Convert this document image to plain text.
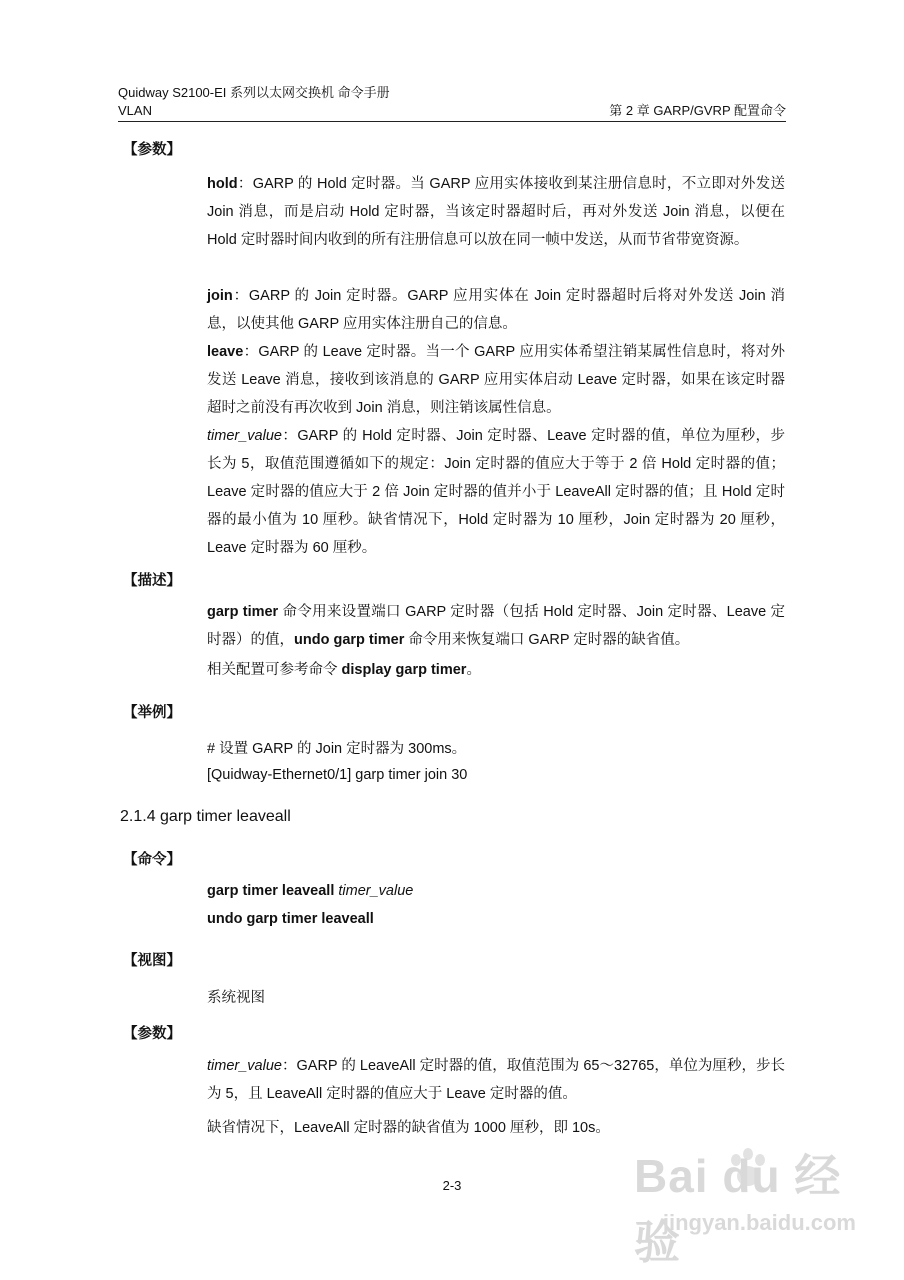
Quidway S2100-EI 系列以太网交换机 命令手册
VLAN	第 2 章 GARP/GVRP 配置命令
【参数】
hold：GARP 的 Hold 定时器。当 GARP 应用实体接收到某注册信息时，不立即对外发送 Join 消息，而是启动 Hold 定时器，当该定时器超时后，再对外发送 Join 消息，以便在 Hold 定时器时间内收到的所有注册信息可以放在同一帧中发送，从而节省带宽资源。
join：GARP 的 Join 定时器。GARP 应用实体在 Join 定时器超时后将对外发送 Join 消息，以使其他 GARP 应用实体注册自己的信息。
leave：GARP 的 Leave 定时器。当一个 GARP 应用实体希望注销某属性信息时，将对外发送 Leave 消息，接收到该消息的 GARP 应用实体启动 Leave 定时器，如果在该定时器超时之前没有再次收到 Join 消息，则注销该属性信息。
timer_value：GARP 的 Hold 定时器、Join 定时器、Leave 定时器的值，单位为厘秒，步长为 5，取值范围遵循如下的规定：Join 定时器的值应大于等于 2 倍 Hold 定时器的值；Leave 定时器的值应大于 2 倍 Join 定时器的值并小于 LeaveAll 定时器的值；且 Hold 定时器的最小值为 10 厘秒。缺省情况下，Hold 定时器为 10 厘秒，Join 定时器为 20 厘秒，Leave 定时器为 60 厘秒。
【描述】
garp timer 命令用来设置端口 GARP 定时器（包括 Hold 定时器、Join 定时器、Leave 定时器）的值，undo garp timer 命令用来恢复端口 GARP 定时器的缺省值。
相关配置可参考命令 display garp timer。
【举例】
# 设置 GARP 的 Join 定时器为 300ms。
[Quidway-Ethernet0/1] garp timer join 30
2.1.4 garp timer leaveall
【命令】
garp timer leaveall timer_value
undo garp timer leaveall
【视图】
系统视图
【参数】
timer_value：GARP 的 LeaveAll 定时器的值，取值范围为 65～32765，单位为厘秒，步长为 5，且 LeaveAll 定时器的值应大于 Leave 定时器的值。
缺省情况下，LeaveAll 定时器的缺省值为 1000 厘秒，即 10s。
2-3	Bai du 经验
jingyan.baidu.com
